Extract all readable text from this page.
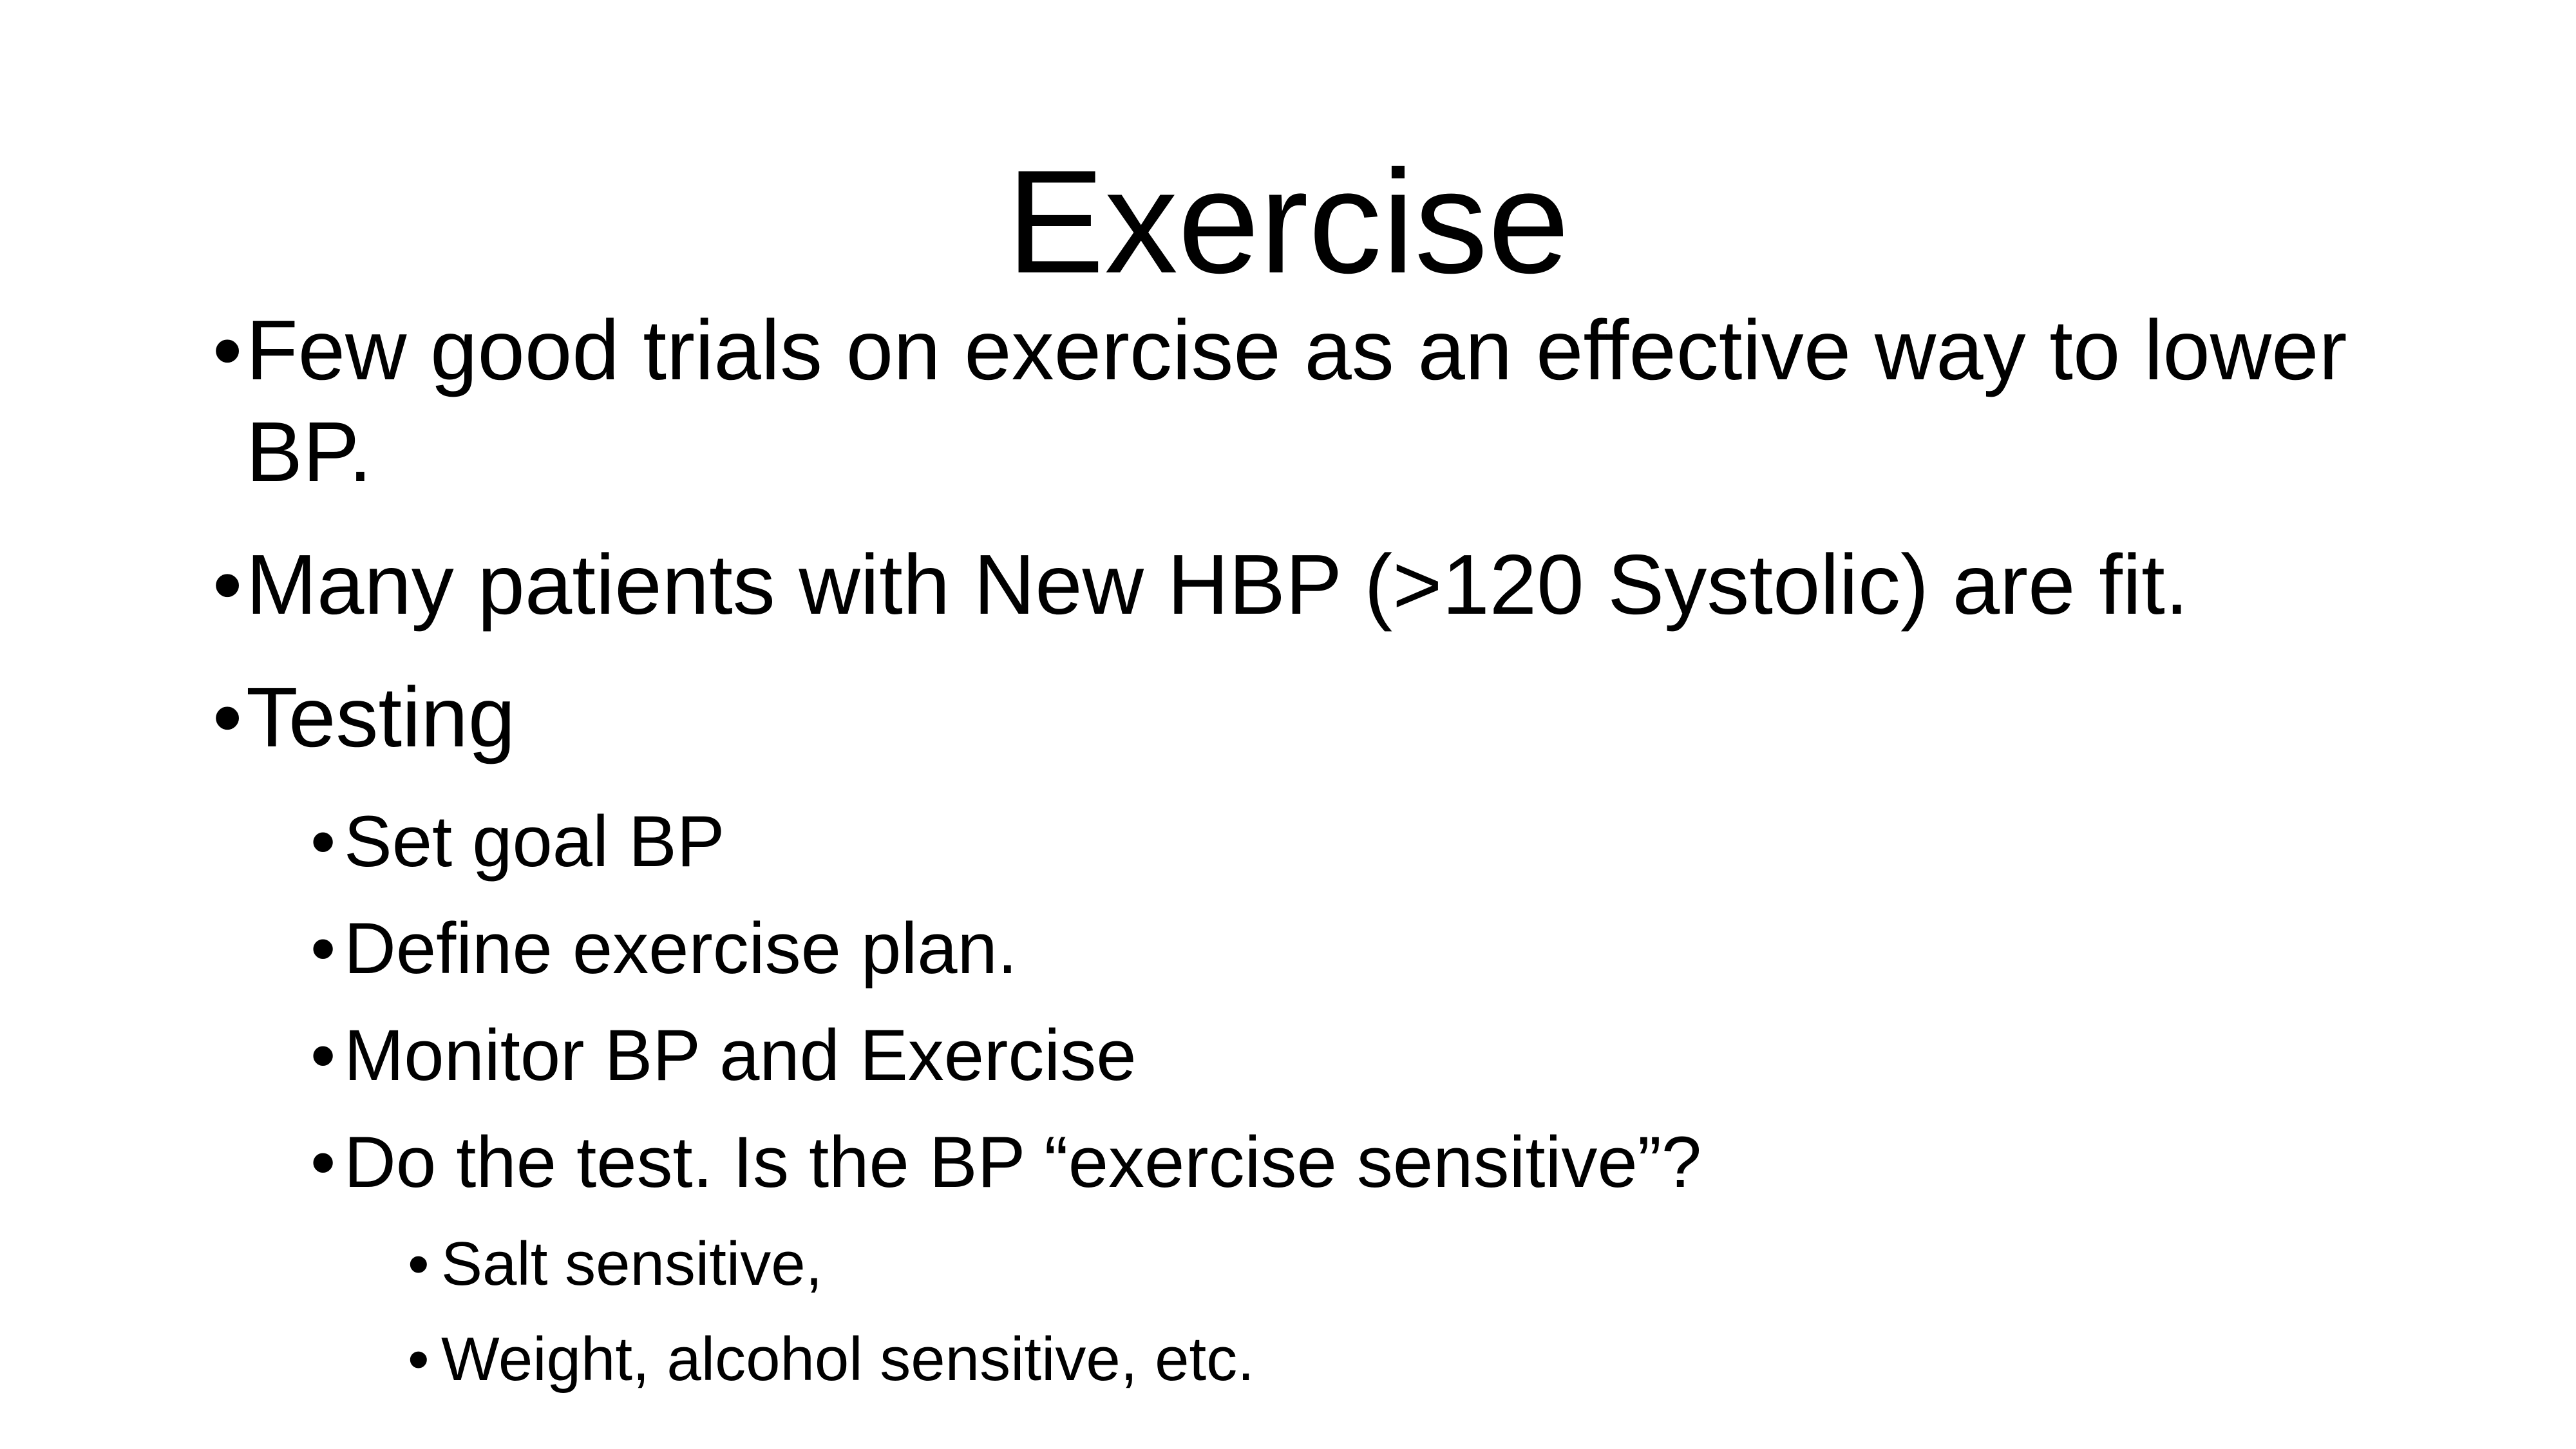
Exercise
• Few good trials on exercise as an effective way to lower BP.
• Many patients with New HBP (>120 Systolic) are fit.
• Testing
• Set goal BP
• Define exercise plan.
• Monitor BP and Exercise
• Do the test. Is the BP “exercise sensitive”?
• Salt sensitive,
• Weight, alcohol sensitive, etc.
